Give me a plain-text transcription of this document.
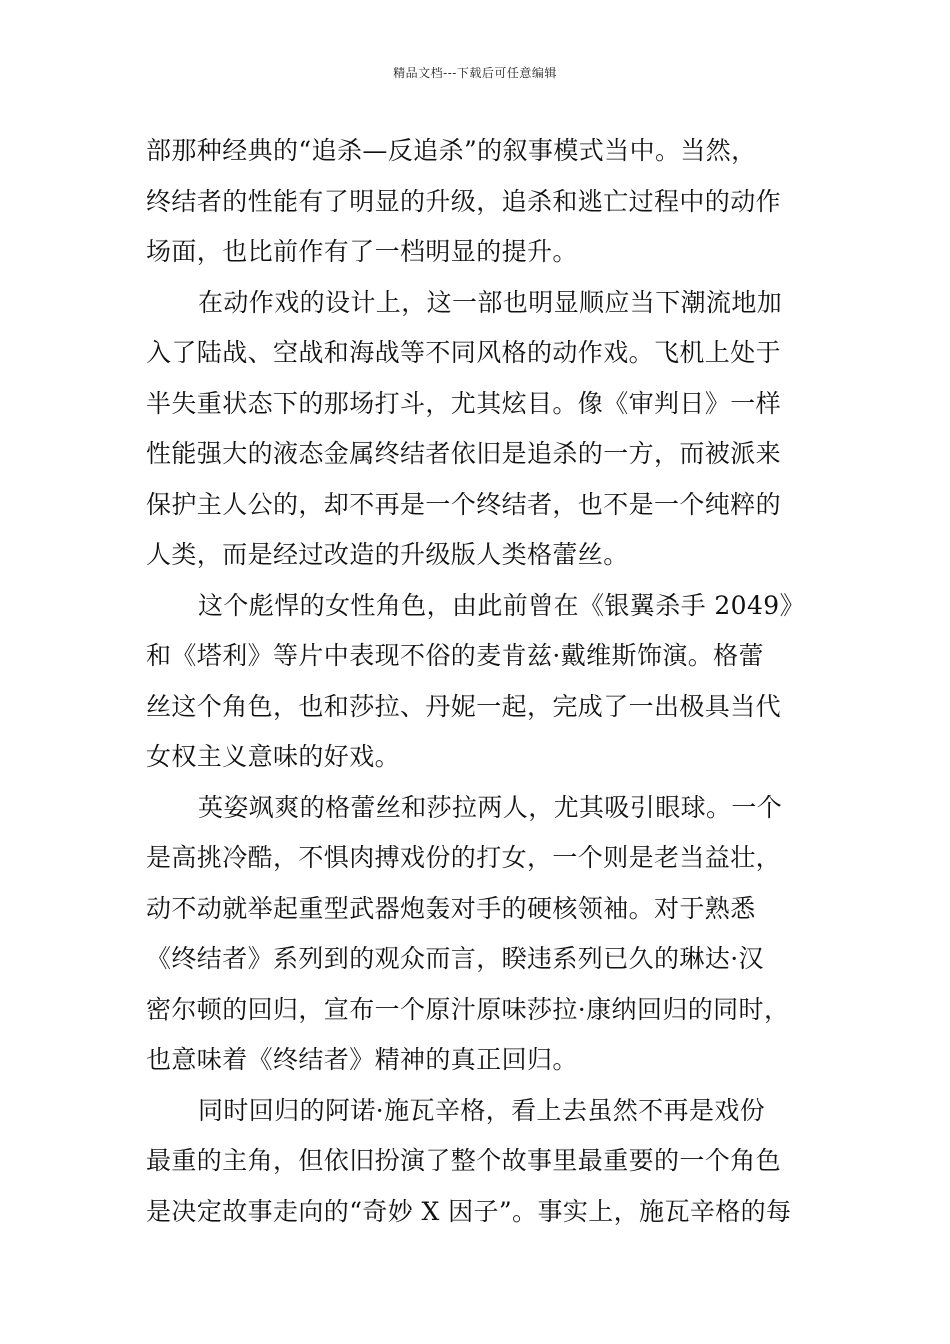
精品文档---下载后可任意编辑
部那种经典的“追杀—反追杀”的叙事模式当中。当然，
终结者的性能有了明显的升级，追杀和逃亡过程中的动作
场面，也比前作有了一档明显的提升。
在动作戏的设计上，这一部也明显顺应当下潮流地加
入了陆战、空战和海战等不同风格的动作戏。飞机上处于
半失重状态下的那场打斗，尤其炫目。像《审判日》一样
性能强大的液态金属终结者依旧是追杀的一方，而被派来
保护主人公的，却不再是一个终结者，也不是一个纯粹的
人类，而是经过改造的升级版人类格蕾丝。
这个彪悍的女性角色，由此前曾在《银翼杀手 2049》
和《塔利》等片中表现不俗的麦肯兹·戴维斯饰演。格蕾
丝这个角色，也和莎拉、丹妮一起，完成了一出极具当代
女权主义意味的好戏。
英姿飒爽的格蕾丝和莎拉两人，尤其吸引眼球。一个
是高挑冷酷，不惧肉搏戏份的打女，一个则是老当益壮，
动不动就举起重型武器炮轰对手的硬核领袖。对于熟悉
《终结者》系列到的观众而言，睽违系列已久的琳达·汉
密尔顿的回归，宣布一个原汁原味莎拉·康纳回归的同时，
也意味着《终结者》精神的真正回归。
同时回归的阿诺·施瓦辛格，看上去虽然不再是戏份
最重的主角，但依旧扮演了整个故事里最重要的一个角色
是决定故事走向的“奇妙 X 因子”。事实上，施瓦辛格的每
